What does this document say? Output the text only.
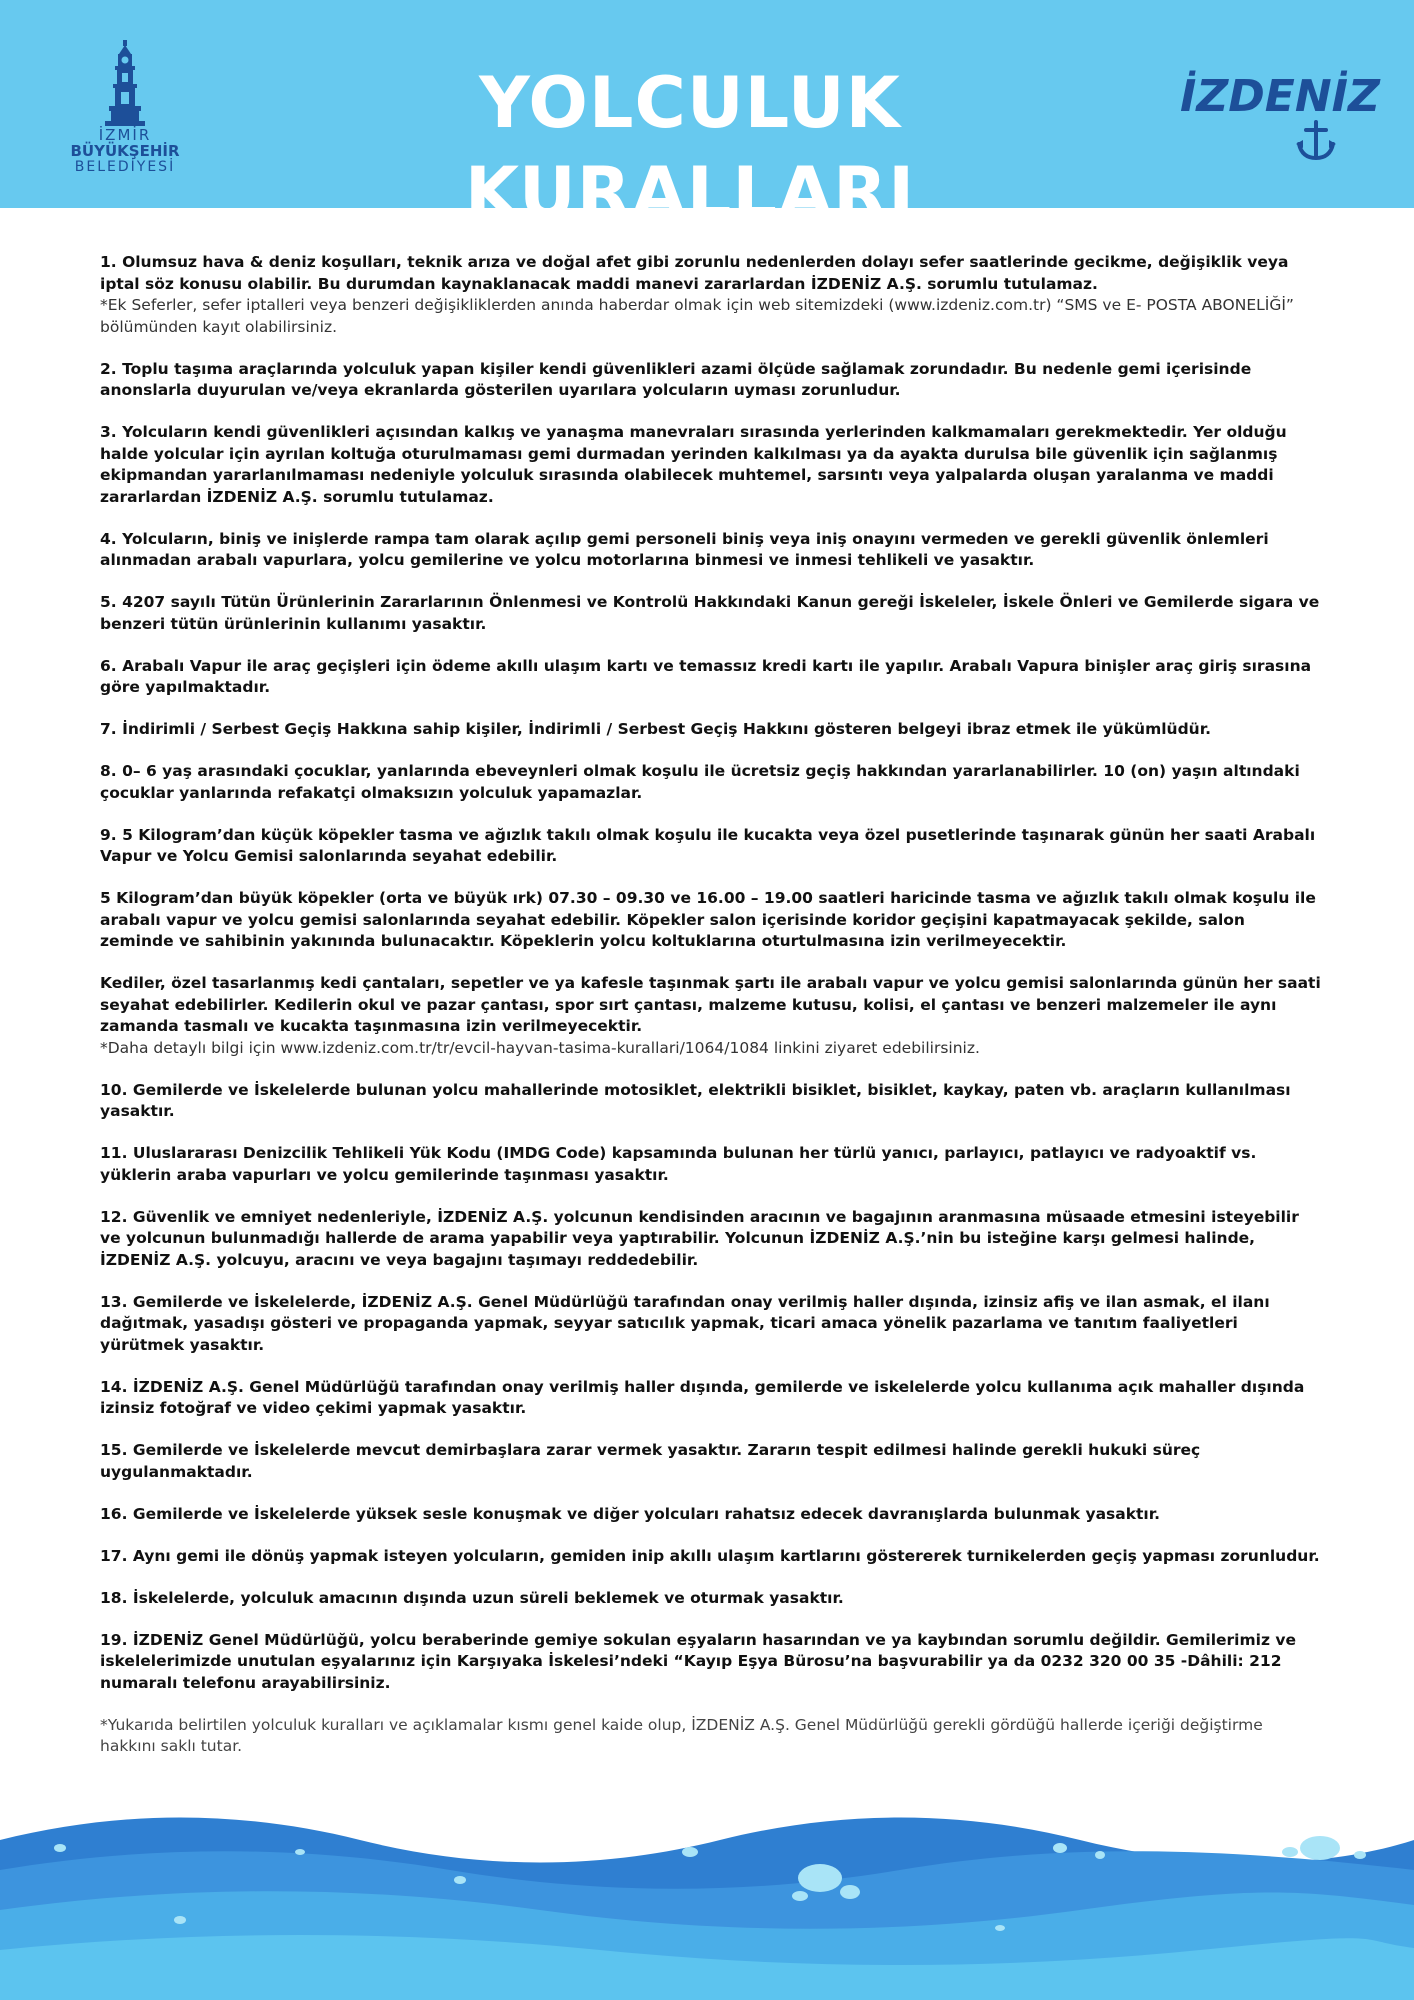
İZMİR
BÜYÜKŞEHİR
BELEDİYESİ
YOLCULUK KURALLARI
İZDENİZ
1. Olumsuz hava & deniz koşulları, teknik arıza ve doğal afet gibi zorunlu nedenlerden dolayı sefer saatlerinde gecikme, değişiklik veya iptal söz konusu olabilir. Bu durumdan kaynaklanacak maddi manevi zararlardan İZDENİZ A.Ş. sorumlu tutulamaz.
*Ek Seferler, sefer iptalleri veya benzeri değişikliklerden anında haberdar olmak için web sitemizdeki (www.izdeniz.com.tr) “SMS ve E- POSTA ABONELİĞİ” bölümünden kayıt olabilirsiniz.
2. Toplu taşıma araçlarında yolculuk yapan kişiler kendi güvenlikleri azami ölçüde sağlamak zorundadır. Bu nedenle gemi içerisinde anonslarla duyurulan ve/veya ekranlarda gösterilen uyarılara yolcuların uyması zorunludur.
3. Yolcuların kendi güvenlikleri açısından kalkış ve yanaşma manevraları sırasında yerlerinden kalkmamaları gerekmektedir. Yer olduğu halde yolcular için ayrılan koltuğa oturulmaması gemi durmadan yerinden kalkılması ya da ayakta durulsa bile güvenlik için sağlanmış ekipmandan yararlanılmaması nedeniyle yolculuk sırasında olabilecek muhtemel, sarsıntı veya yalpalarda oluşan yaralanma ve maddi zararlardan İZDENİZ A.Ş. sorumlu tutulamaz.
4. Yolcuların, biniş ve inişlerde rampa tam olarak açılıp gemi personeli biniş veya iniş onayını vermeden ve gerekli güvenlik önlemleri alınmadan arabalı vapurlara, yolcu gemilerine ve yolcu motorlarına binmesi ve inmesi tehlikeli ve yasaktır.
5. 4207 sayılı Tütün Ürünlerinin Zararlarının Önlenmesi ve Kontrolü Hakkındaki Kanun gereği İskeleler, İskele Önleri ve Gemilerde sigara ve benzeri tütün ürünlerinin kullanımı yasaktır.
6. Arabalı Vapur ile araç geçişleri için ödeme akıllı ulaşım kartı ve temassız kredi kartı ile yapılır. Arabalı Vapura binişler araç giriş sırasına göre yapılmaktadır.
7. İndirimli / Serbest Geçiş Hakkına sahip kişiler, İndirimli / Serbest Geçiş Hakkını gösteren belgeyi ibraz etmek ile yükümlüdür.
8. 0– 6 yaş arasındaki çocuklar, yanlarında ebeveynleri olmak koşulu ile ücretsiz geçiş hakkından yararlanabilirler. 10 (on) yaşın altındaki çocuklar yanlarında refakatçi olmaksızın yolculuk yapamazlar.
9. 5 Kilogram’dan küçük köpekler tasma ve ağızlık takılı olmak koşulu ile kucakta veya özel pusetlerinde taşınarak günün her saati Arabalı Vapur ve Yolcu Gemisi salonlarında seyahat edebilir.
5 Kilogram’dan büyük köpekler (orta ve büyük ırk) 07.30 – 09.30 ve 16.00 – 19.00 saatleri haricinde tasma ve ağızlık takılı olmak koşulu ile arabalı vapur ve yolcu gemisi salonlarında seyahat edebilir. Köpekler salon içerisinde koridor geçişini kapatmayacak şekilde, salon zeminde ve sahibinin yakınında bulunacaktır. Köpeklerin yolcu koltuklarına oturtulmasına izin verilmeyecektir.
Kediler, özel tasarlanmış kedi çantaları, sepetler ve ya kafesle taşınmak şartı ile arabalı vapur ve yolcu gemisi salonlarında günün her saati seyahat edebilirler. Kedilerin okul ve pazar çantası, spor sırt çantası, malzeme kutusu, kolisi, el çantası ve benzeri malzemeler ile aynı zamanda tasmalı ve kucakta taşınmasına izin verilmeyecektir.
*Daha detaylı bilgi için www.izdeniz.com.tr/tr/evcil-hayvan-tasima-kurallari/1064/1084 linkini ziyaret edebilirsiniz.
10. Gemilerde ve İskelelerde bulunan yolcu mahallerinde motosiklet, elektrikli bisiklet, bisiklet, kaykay, paten vb. araçların kullanılması yasaktır.
11. Uluslararası Denizcilik Tehlikeli Yük Kodu (IMDG Code) kapsamında bulunan her türlü yanıcı, parlayıcı, patlayıcı ve radyoaktif vs. yüklerin araba vapurları ve yolcu gemilerinde taşınması yasaktır.
12. Güvenlik ve emniyet nedenleriyle, İZDENİZ A.Ş. yolcunun kendisinden aracının ve bagajının aranmasına müsaade etmesini isteyebilir ve yolcunun bulunmadığı hallerde de arama yapabilir veya yaptırabilir. Yolcunun İZDENİZ A.Ş.’nin bu isteğine karşı gelmesi halinde, İZDENİZ A.Ş. yolcuyu, aracını ve veya bagajını taşımayı reddedebilir.
13. Gemilerde ve İskelelerde, İZDENİZ A.Ş. Genel Müdürlüğü tarafından onay verilmiş haller dışında, izinsiz afiş ve ilan asmak, el ilanı dağıtmak, yasadışı gösteri ve propaganda yapmak, seyyar satıcılık yapmak, ticari amaca yönelik pazarlama ve tanıtım faaliyetleri yürütmek yasaktır.
14. İZDENİZ A.Ş. Genel Müdürlüğü tarafından onay verilmiş haller dışında, gemilerde ve iskelelerde yolcu kullanıma açık mahaller dışında izinsiz fotoğraf ve video çekimi yapmak yasaktır.
15. Gemilerde ve İskelelerde mevcut demirbaşlara zarar vermek yasaktır. Zararın tespit edilmesi halinde gerekli hukuki süreç uygulanmaktadır.
16. Gemilerde ve İskelelerde yüksek sesle konuşmak ve diğer yolcuları rahatsız edecek davranışlarda bulunmak yasaktır.
17. Aynı gemi ile dönüş yapmak isteyen yolcuların, gemiden inip akıllı ulaşım kartlarını göstererek turnikelerden geçiş yapması zorunludur.
18. İskelelerde, yolculuk amacının dışında uzun süreli beklemek ve oturmak yasaktır.
19. İZDENİZ Genel Müdürlüğü, yolcu beraberinde gemiye sokulan eşyaların hasarından ve ya kaybından sorumlu değildir. Gemilerimiz ve iskelelerimizde unutulan eşyalarınız için Karşıyaka İskelesi’ndeki “Kayıp Eşya Bürosu’na başvurabilir ya da 0232 320 00 35 -Dâhili: 212 numaralı telefonu arayabilirsiniz.
*Yukarıda belirtilen yolculuk kuralları ve açıklamalar kısmı genel kaide olup, İZDENİZ A.Ş. Genel Müdürlüğü gerekli gördüğü hallerde içeriği değiştirme hakkını saklı tutar.
